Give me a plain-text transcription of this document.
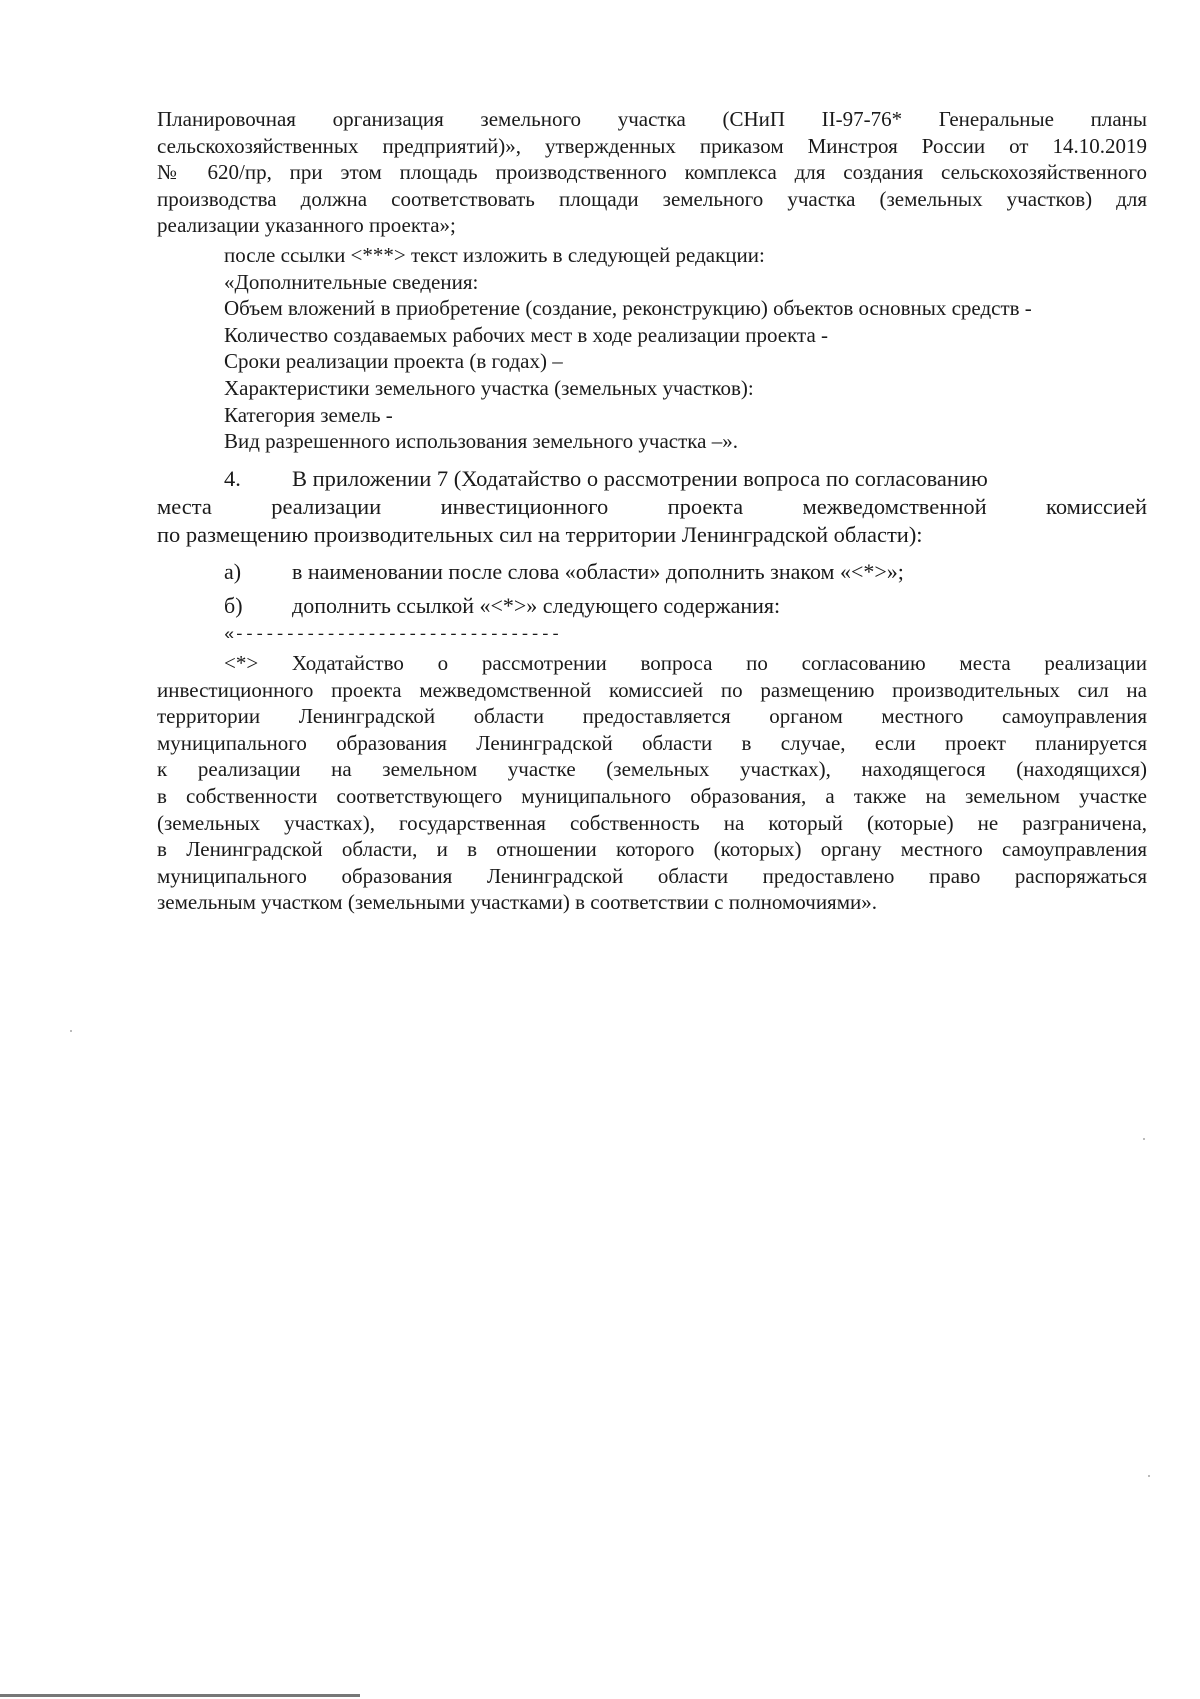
Планировочная организация земельного участка (СНиП II-97-76* Генеральные планы

сельскохозяйственных предприятий)», утвержденных приказом Минстроя России от 14.10.2019

№ 620/пр, при этом площадь производственного комплекса для создания сельскохозяйственного

производства должна соответствовать площади земельного участка (земельных участков) для

реализации указанного проекта»;

после ссылки <***> текст изложить в следующей редакции:

«Дополнительные сведения:

Объем вложений в приобретение (создание, реконструкцию) объектов основных средств -

Количество создаваемых рабочих мест в ходе реализации проекта -

Сроки реализации проекта (в годах) –

Характеристики земельного участка (земельных участков):

Категория земель -

Вид разрешенного использования земельного участка –».

4. В приложении 7 (Ходатайство о рассмотрении вопроса по согласованию

места реализации инвестиционного проекта межведомственной комиссией

по размещению производительных сил на территории Ленинградской области):

а) в наименовании после слова «области» дополнить знаком «<*>»;

б) дополнить ссылкой «<*>» следующего содержания:

«--------------------------------

<*> Ходатайство о рассмотрении вопроса по согласованию места реализации

инвестиционного проекта межведомственной комиссией по размещению производительных сил на

территории Ленинградской области предоставляется органом местного самоуправления

муниципального образования Ленинградской области в случае, если проект планируется

к реализации на земельном участке (земельных участках), находящегося (находящихся)

в собственности соответствующего муниципального образования, а также на земельном участке

(земельных участках), государственная собственность на который (которые) не разграничена,

в Ленинградской области, и в отношении которого (которых) органу местного самоуправления

муниципального образования Ленинградской области предоставлено право распоряжаться

земельным участком (земельными участками) в соответствии с полномочиями».
